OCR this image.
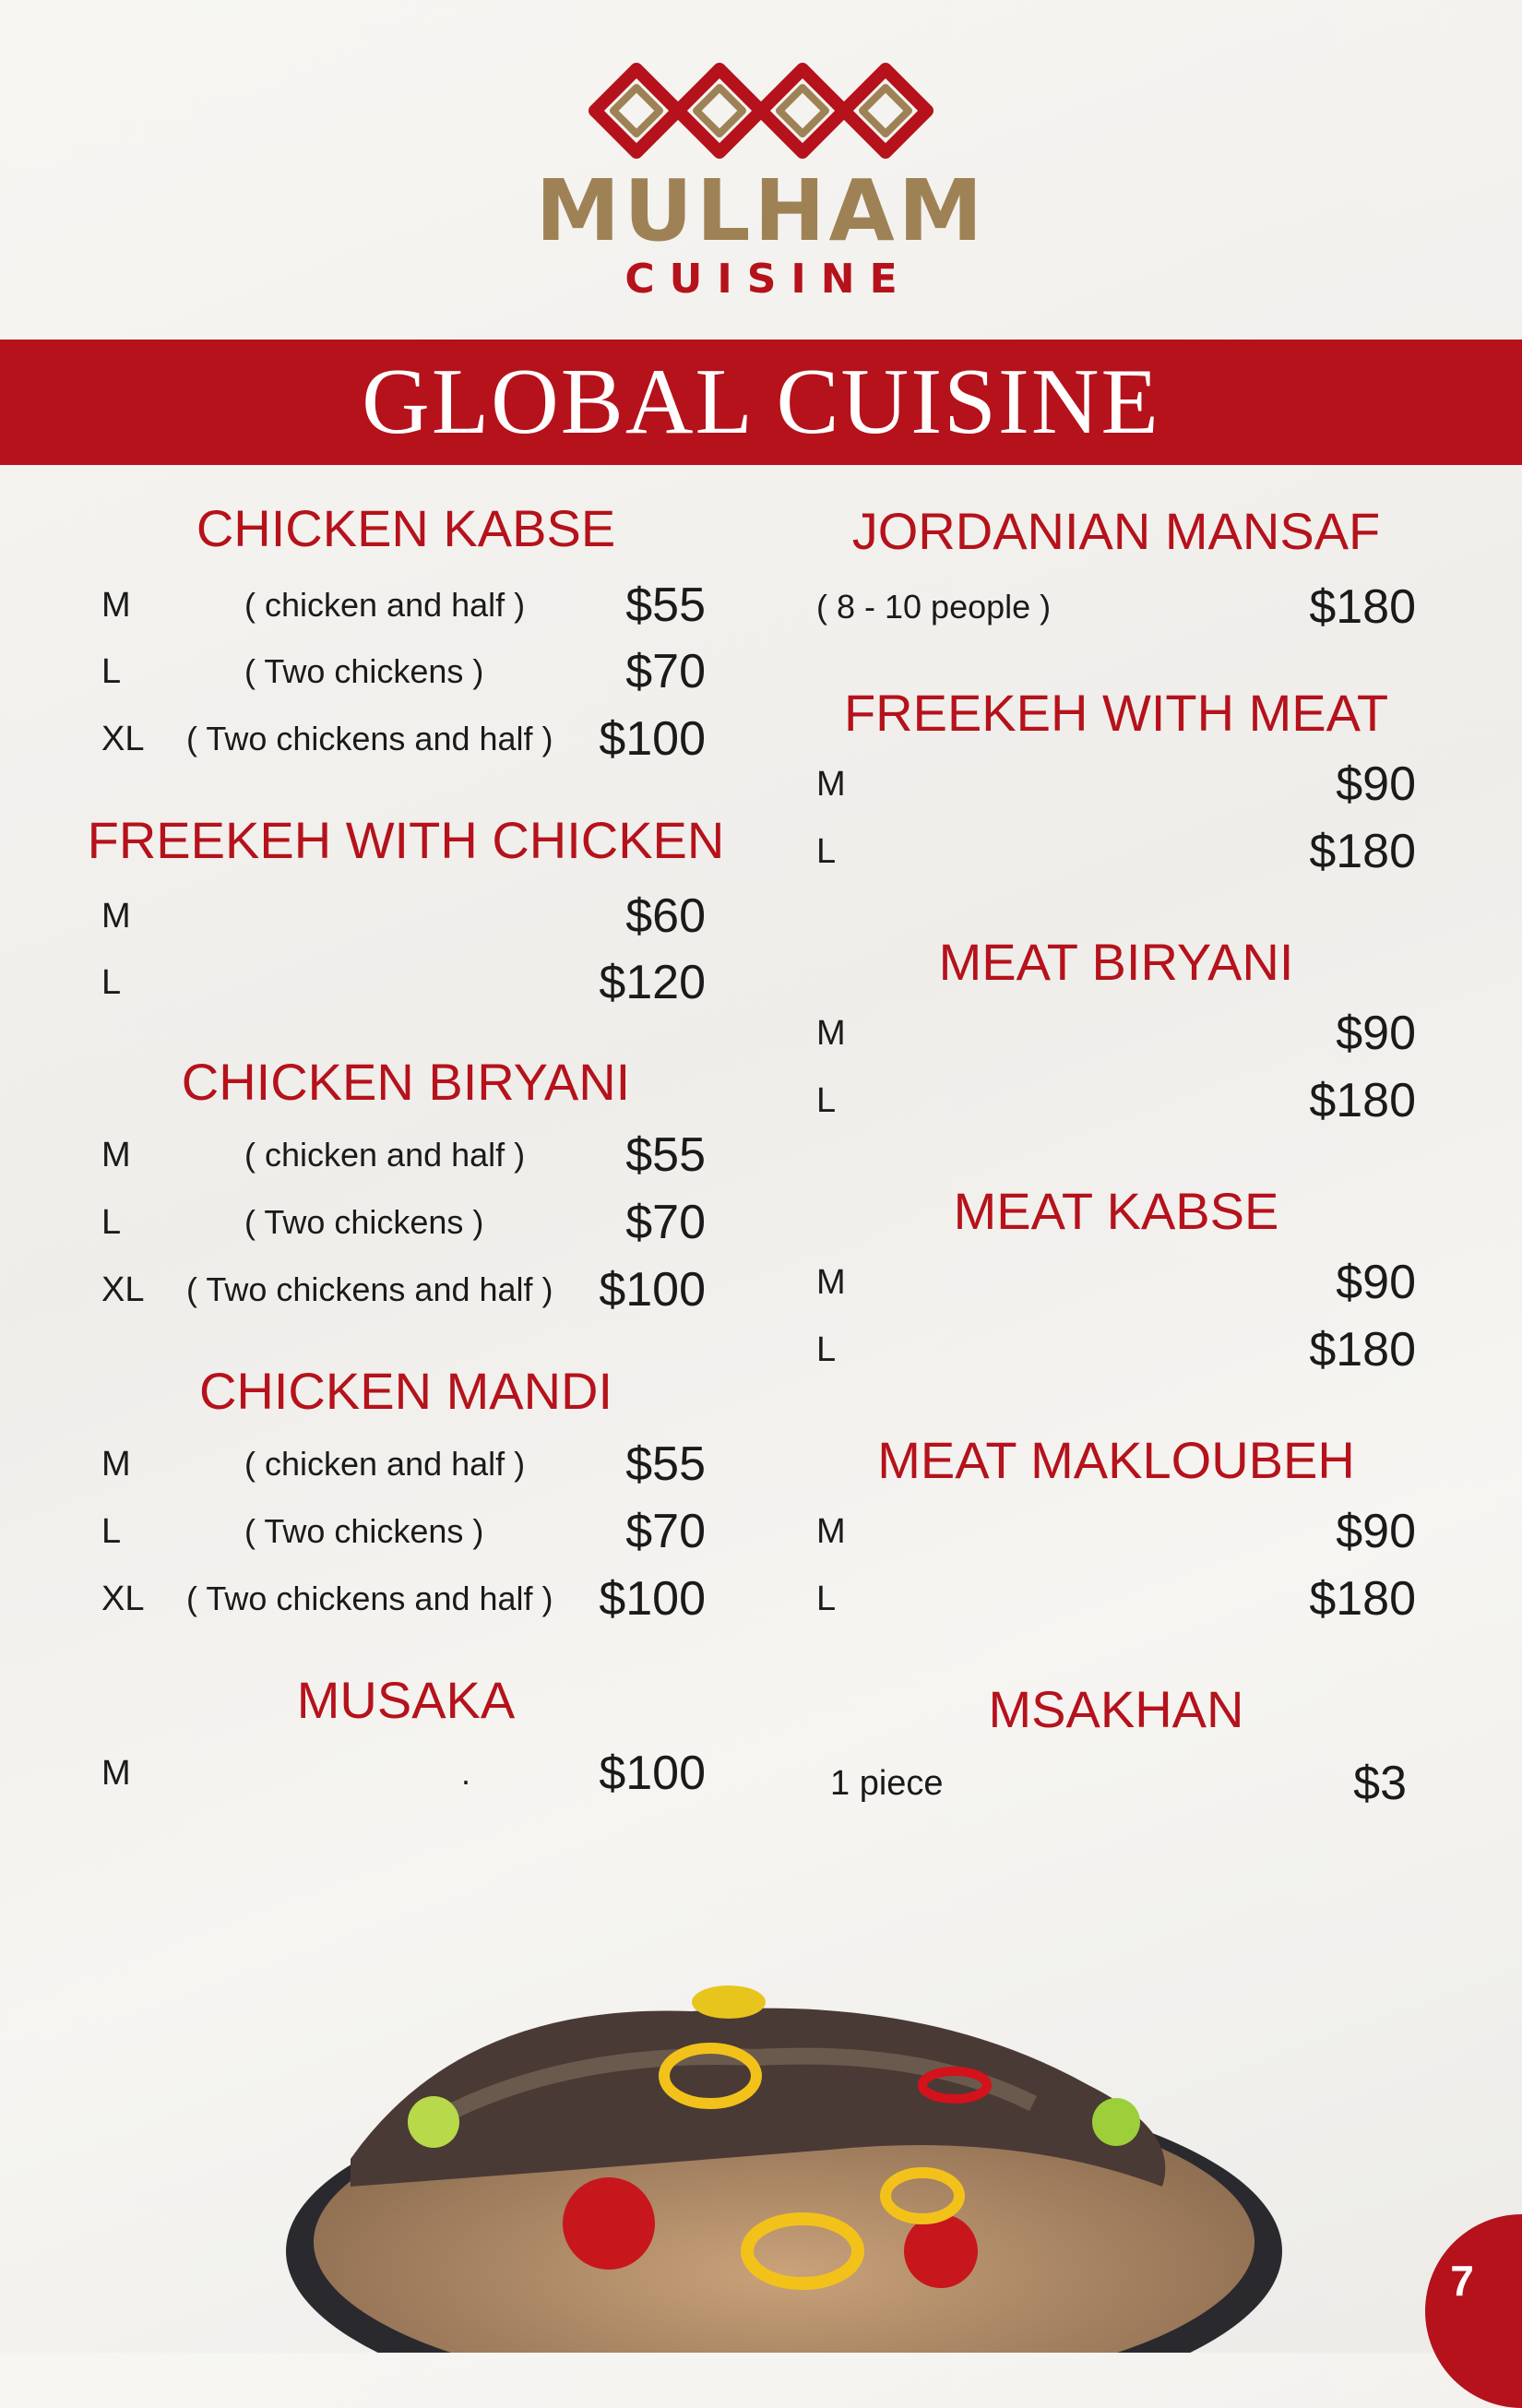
MULHAM
CUISINE
GLOBAL CUISINE
CHICKEN KABSE
M	( chicken and half ) $55
L	( Two chickens )	$70
XL ( Two chickens and half ) $100
FREEKEH WITH CHICKEN
M	$60
L	$120
CHICKEN BIRYANI
M	( chicken and half ) $55
L	( Two chickens )	$70
XL ( Two chickens and half ) $100
CHICKEN MANDI
M	( chicken and half ) $55
L	( Two chickens )	$70
XL ( Two chickens and half ) $100
MUSAKA
M	.	$100
JORDANIAN MANSAF
( 8 - 10 people )	$180
FREEKEH WITH MEAT
M	$90
L	$180
MEAT BIRYANI
M	$90
L	$180
MEAT KABSE
M	$90
L	$180
MEAT MAKLOUBEH
M	$90
L	$180
MSAKHAN
1 piece	$3
7
